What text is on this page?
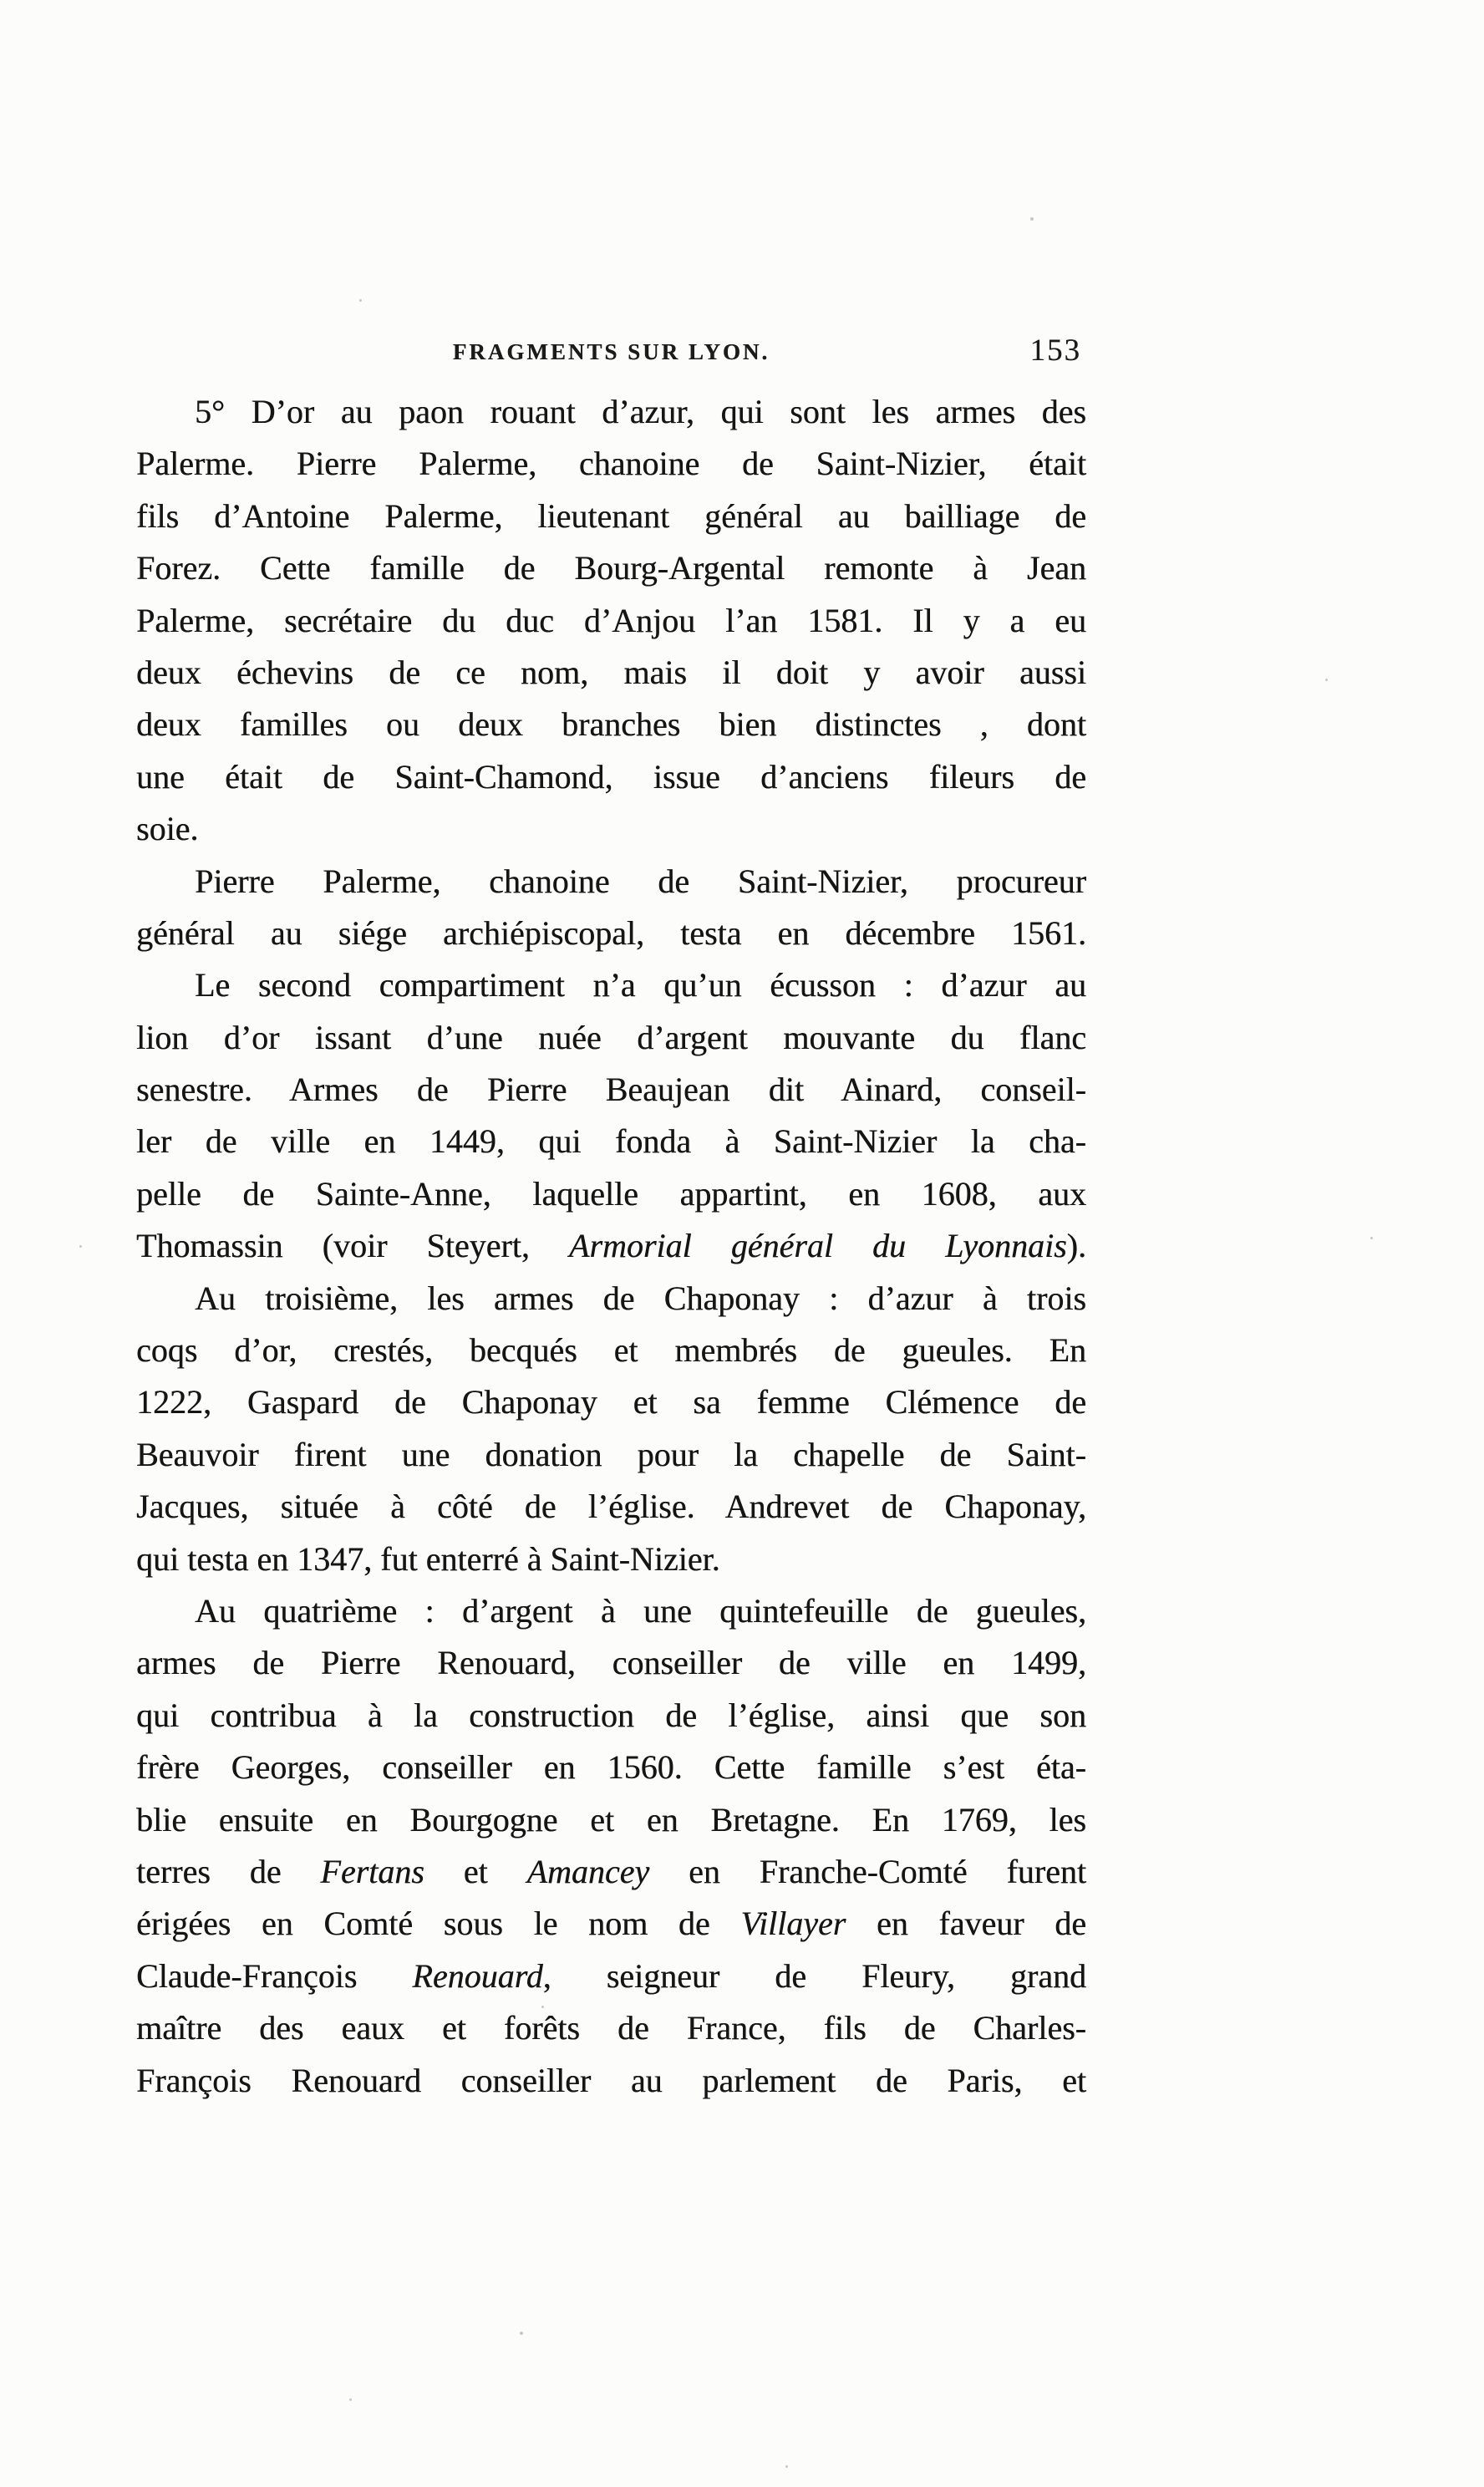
FRAGMENTS SUR LYON.	153
5° D’or au paon rouant d’azur, qui sont les armes des
Palerme. Pierre Palerme, chanoine de Saint-Nizier, était
fils d’Antoine Palerme, lieutenant général au bailliage de
Forez. Cette famille de Bourg-Argental remonte à Jean
Palerme, secrétaire du duc d’Anjou l’an 1581. Il y a eu
deux échevins de ce nom, mais il doit y avoir aussi
deux familles ou deux branches bien distinctes , dont
une était de Saint-Chamond, issue d’anciens fileurs de
soie.
Pierre Palerme, chanoine de Saint-Nizier, procureur
général au siége archiépiscopal, testa en décembre 1561.
Le second compartiment n’a qu’un écusson : d’azur au
lion d’or issant d’une nuée d’argent mouvante du flanc
senestre. Armes de Pierre Beaujean dit Ainard, conseil-
ler de ville en 1449, qui fonda à Saint-Nizier la cha-
pelle de Sainte-Anne, laquelle appartint, en 1608, aux
Thomassin (voir Steyert, Armorial général du Lyonnais).
Au troisième, les armes de Chaponay : d’azur à trois
coqs d’or, crestés, becqués et membrés de gueules. En
1222, Gaspard de Chaponay et sa femme Clémence de
Beauvoir firent une donation pour la chapelle de Saint-
Jacques, située à côté de l’église. Andrevet de Chaponay,
qui testa en 1347, fut enterré à Saint-Nizier.
Au quatrième : d’argent à une quintefeuille de gueules,
armes de Pierre Renouard, conseiller de ville en 1499,
qui contribua à la construction de l’église, ainsi que son
frère Georges, conseiller en 1560. Cette famille s’est éta-
blie ensuite en Bourgogne et en Bretagne. En 1769, les
terres de Fertans et Amancey en Franche-Comté furent
érigées en Comté sous le nom de Villayer en faveur de
Claude-François Renouard, seigneur de Fleury, grand
maître des eaux et forêts de France, fils de Charles-
François Renouard conseiller au parlement de Paris, et
